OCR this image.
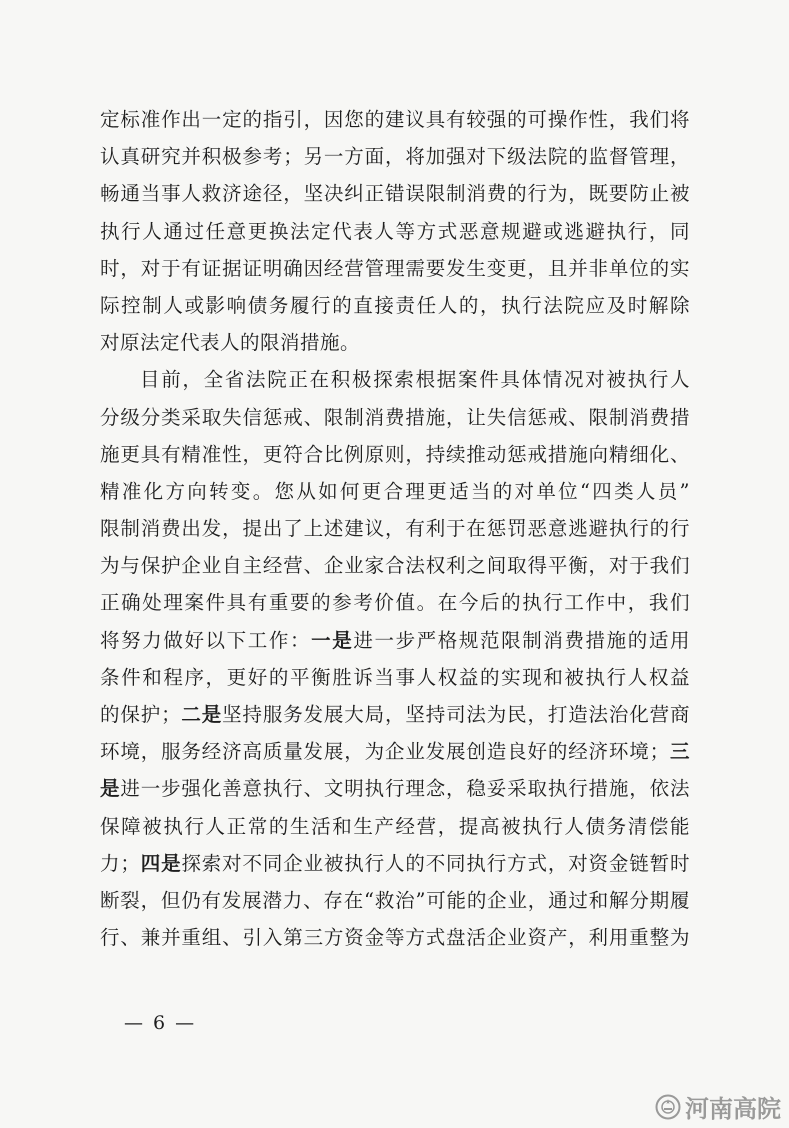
定标准作出一定的指引，因您的建议具有较强的可操作性，我们将
认真研究并积极参考；另一方面，将加强对下级法院的监督管理，
畅通当事人救济途径，坚决纠正错误限制消费的行为，既要防止被
执行人通过任意更换法定代表人等方式恶意规避或逃避执行，同
时，对于有证据证明确因经营管理需要发生变更，且并非单位的实
际控制人或影响债务履行的直接责任人的，执行法院应及时解除
对原法定代表人的限消措施。
目前，全省法院正在积极探索根据案件具体情况对被执行人
分级分类采取失信惩戒、限制消费措施，让失信惩戒、限制消费措
施更具有精准性，更符合比例原则，持续推动惩戒措施向精细化、
精准化方向转变。您从如何更合理更适当的对单位“四类人员”
限制消费出发，提出了上述建议，有利于在惩罚恶意逃避执行的行
为与保护企业自主经营、企业家合法权利之间取得平衡，对于我们
正确处理案件具有重要的参考价值。在今后的执行工作中，我们
将努力做好以下工作：一是进一步严格规范限制消费措施的适用
条件和程序，更好的平衡胜诉当事人权益的实现和被执行人权益
的保护；二是坚持服务发展大局，坚持司法为民，打造法治化营商
环境，服务经济高质量发展，为企业发展创造良好的经济环境；三
是进一步强化善意执行、文明执行理念，稳妥采取执行措施，依法
保障被执行人正常的生活和生产经营，提高被执行人债务清偿能
力；四是探索对不同企业被执行人的不同执行方式，对资金链暂时
断裂，但仍有发展潜力、存在“救治”可能的企业，通过和解分期履
行、兼并重组、引入第三方资金等方式盘活企业资产，利用重整为
— 6 —
河南高院
